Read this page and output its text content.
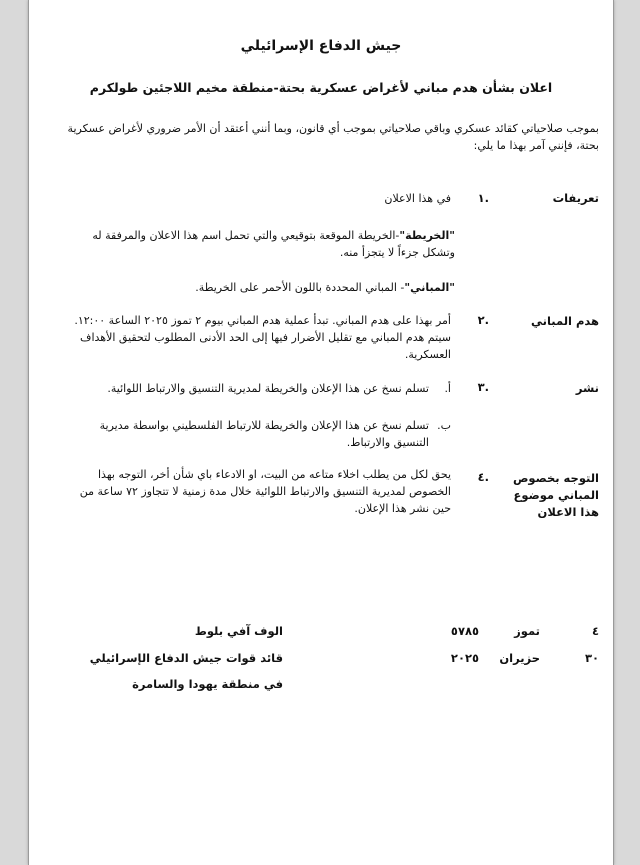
جيش الدفاع الإسرائيلي
اعلان بشأن هدم مباني لأغراض عسكرية بحتة-منطقة مخيم اللاجئين طولكرم
بموجب صلاحياتي كقائد عسكري وباقي صلاحياتي بموجب أي قانون، وبما أنني أعتقد أن الأمر ضروري لأغراض عسكرية بحتة، فإنني آمر بهذا ما يلي:
تعريفات
.١
في هذا الاعلان
"الخريطة"-الخريطة الموقعة بتوقيعي والتي تحمل اسم هذا الاعلان والمرفقة له وتشكل جزءاً لا يتجزأ منه.
"المباني"- المباني المحددة باللون الأحمر على الخريطة.
هدم المباني
.٢
أمر بهذا على هدم المباني. تبدأ عملية هدم المباني بيوم ٢ تموز ٢٠٢٥ الساعة ١٢:٠٠. سيتم هدم المباني مع تقليل الأضرار فيها إلى الحد الأدنى المطلوب لتحقيق الأهداف العسكرية.
نشر
.٣
أ.
تسلم نسخ عن هذا الإعلان والخريطة لمديرية التنسيق والارتباط اللوائية.
ب.
تسلم نسخ عن هذا الإعلان والخريطة للارتباط الفلسطيني بواسطة مديرية التنسيق والارتباط.
التوجه بخصوص المباني موضوع هذا الاعلان
.٤
يحق لكل من يطلب اخلاء متاعه من البيت، او الادعاء باي شأن أخر، التوجه بهذا الخصوص لمديرية التنسيق والارتباط اللوائية خلال مدة زمنية لا تتجاوز ٧٢ ساعة من حين نشر هذا الإعلان.
٤
تموز
٥٧٨٥
٣٠
حزيران
٢٠٢٥
الوف آفي بلوط
قائد قوات جيش الدفاع الإسرائيلي
في منطقة يهودا والسامرة
